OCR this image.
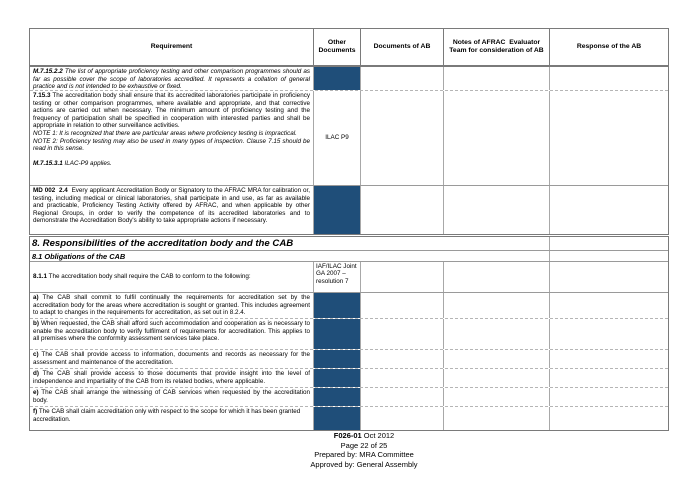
Requirement
Other Documents
Documents of AB
Notes of AFRAC  Evaluator Team for consideration of AB
Response of the AB
M.7.15.2.2 The list of appropriate proficiency testing and other comparison programmes should as far as possible cover the scope of laboratories accredited. It represents a collation of general practice and is not intended to be exhaustive or fixed.
7.15.3 The accreditation body shall ensure that its accredited laboratories participate in proficiency testing or other comparison programmes, where available and appropriate, and that corrective actions are carried out when necessary. The minimum amount of proficiency testing and the frequency of participation shall be specified in cooperation with interested parties and shall be appropriate in relation to other surveillance activities.
NOTE 1: It is recognized that there are particular areas where proficiency testing is impractical.
NOTE 2: Proficiency testing may also be used in many types of inspection. Clause 7.15 should be read in this sense.

M.7.15.3.1 ILAC-P9 applies.
ILAC P9
MD 002  2.4  Every applicant Accreditation Body or Signatory to the AFRAC MRA for calibration or, testing, including medical or clinical laboratories, shall participate in and use, as far as available and practicable, Proficiency Testing Activity offered by AFRAC, and when applicable by other Regional Groups, in order to verify the competence of its accredited laboratories and to demonstrate the Accreditation Body's ability to take appropriate actions if necessary.
8. Responsibilities of the accreditation body and the CAB
8.1 Obligations of the CAB
8.1.1 The accreditation body shall require the CAB to conform to the following:
IAF/ILAC Joint GA 2007 – resolution 7
a) The CAB shall commit to fulfil continually the requirements for accreditation set by the accreditation body for the areas where accreditation is sought or granted. This includes agreement to adapt to changes in the requirements for accreditation, as set out in 8.2.4.
b) When requested, the CAB shall afford such accommodation and cooperation as is necessary to enable the accreditation body to verify fulfilment of requirements for accreditation. This applies to all premises where the conformity assessment services take place.
c) The CAB shall provide access to information, documents and records as necessary for the assessment and maintenance of the accreditation.
d) The CAB shall provide access to those documents that provide insight into the level of independence and impartiality of the CAB from its related bodies, where applicable.
e) The CAB shall arrange the witnessing of CAB services when requested by the accreditation body.
f) The CAB shall claim accreditation only with respect to the scope for which it has been granted
accreditation.
F026-01 Oct 2012
Page 22 of 25
Prepared by: MRA Committee
Approved by: General Assembly
